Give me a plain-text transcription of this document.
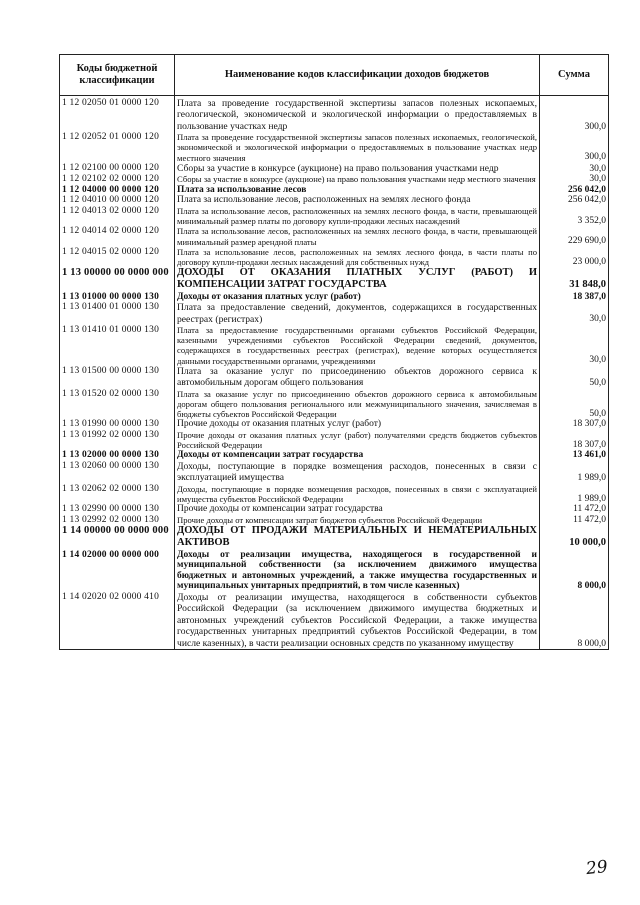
Коды бюджетной классификации	Наименование кодов классификации доходов бюджетов	Сумма
1 12 02050 01 0000 120	Плата за проведение государственной экспертизы запасов полезных ископаемых, геологической, экономической и экологической информации о предоставляемых в пользование участках недр	300,0
1 12 02052 01 0000 120	Плата за проведение государственной экспертизы запасов полезных ископаемых, геологической, экономической и экологической информации о предоставляемых в пользование участках недр местного значения	300,0
1 12 02100 00 0000 120	Сборы за участие в конкурсе (аукционе) на право пользования участками недр	30,0
1 12 02102 02 0000 120	Сборы за участие в конкурсе (аукционе) на право пользования участками недр местного значения	30,0
1 12 04000 00 0000 120	Плата за использование лесов	256 042,0
1 12 04010 00 0000 120	Плата за использование лесов, расположенных на землях лесного фонда	256 042,0
1 12 04013 02 0000 120	Плата за использование лесов, расположенных на землях лесного фонда, в части, превышающей минимальный размер платы по договору купли-продажи лесных насаждений	3 352,0
1 12 04014 02 0000 120	Плата за использование лесов, расположенных на землях лесного фонда, в части, превышающей минимальный размер арендной платы	229 690,0
1 12 04015 02 0000 120	Плата за использование лесов, расположенных на землях лесного фонда, в части платы по договору купли-продажи лесных насаждений для собственных нужд	23 000,0
1 13 00000 00 0000 000	ДОХОДЫ ОТ ОКАЗАНИЯ ПЛАТНЫХ УСЛУГ (РАБОТ) И КОМПЕНСАЦИИ ЗАТРАТ ГОСУДАРСТВА	31 848,0
1 13 01000 00 0000 130	Доходы от оказания платных услуг (работ)	18 387,0
1 13 01400 01 0000 130	Плата за предоставление сведений, документов, содержащихся в государственных реестрах (регистрах)	30,0
1 13 01410 01 0000 130	Плата за предоставление государственными органами субъектов Российской Федерации, казенными учреждениями субъектов Российской Федерации сведений, документов, содержащихся в государственных реестрах (регистрах), ведение которых осуществляется данными государственными органами, учреждениями	30,0
1 13 01500 00 0000 130	Плата за оказание услуг по присоединению объектов дорожного сервиса к автомобильным дорогам общего пользования	50,0
1 13 01520 02 0000 130	Плата за оказание услуг по присоединению объектов дорожного сервиса к автомобильным дорогам общего пользования регионального или межмуниципального значения, зачисляемая в бюджеты субъектов Российской Федерации	50,0
1 13 01990 00 0000 130	Прочие доходы от оказания платных услуг (работ)	18 307,0
1 13 01992 02 0000 130	Прочие доходы от оказания платных услуг (работ) получателями средств бюджетов субъектов Российской Федерации	18 307,0
1 13 02000 00 0000 130	Доходы от компенсации затрат государства	13 461,0
1 13 02060 00 0000 130	Доходы, поступающие в порядке возмещения расходов, понесенных в связи с эксплуатацией имущества	1 989,0
1 13 02062 02 0000 130	Доходы, поступающие в порядке возмещения расходов, понесенных в связи с эксплуатацией имущества субъектов Российской Федерации	1 989,0
1 13 02990 00 0000 130	Прочие доходы от компенсации затрат государства	11 472,0
1 13 02992 02 0000 130	Прочие доходы от компенсации затрат бюджетов субъектов Российской Федерации	11 472,0
1 14 00000 00 0000 000	ДОХОДЫ ОТ ПРОДАЖИ МАТЕРИАЛЬНЫХ И НЕМАТЕРИАЛЬНЫХ АКТИВОВ	10 000,0
1 14 02000 00 0000 000	Доходы от реализации имущества, находящегося в государственной и муниципальной собственности (за исключением движимого имущества бюджетных и автономных учреждений, а также имущества государственных и муниципальных унитарных предприятий, в том числе казенных)	8 000,0
1 14 02020 02 0000 410	Доходы от реализации имущества, находящегося в собственности субъектов Российской Федерации (за исключением движимого имущества бюджетных и автономных учреждений субъектов Российской Федерации, а также имущества государственных унитарных предприятий субъектов Российской Федерации, в том числе казенных), в части реализации основных средств по указанному имуществу	8 000,0
29
